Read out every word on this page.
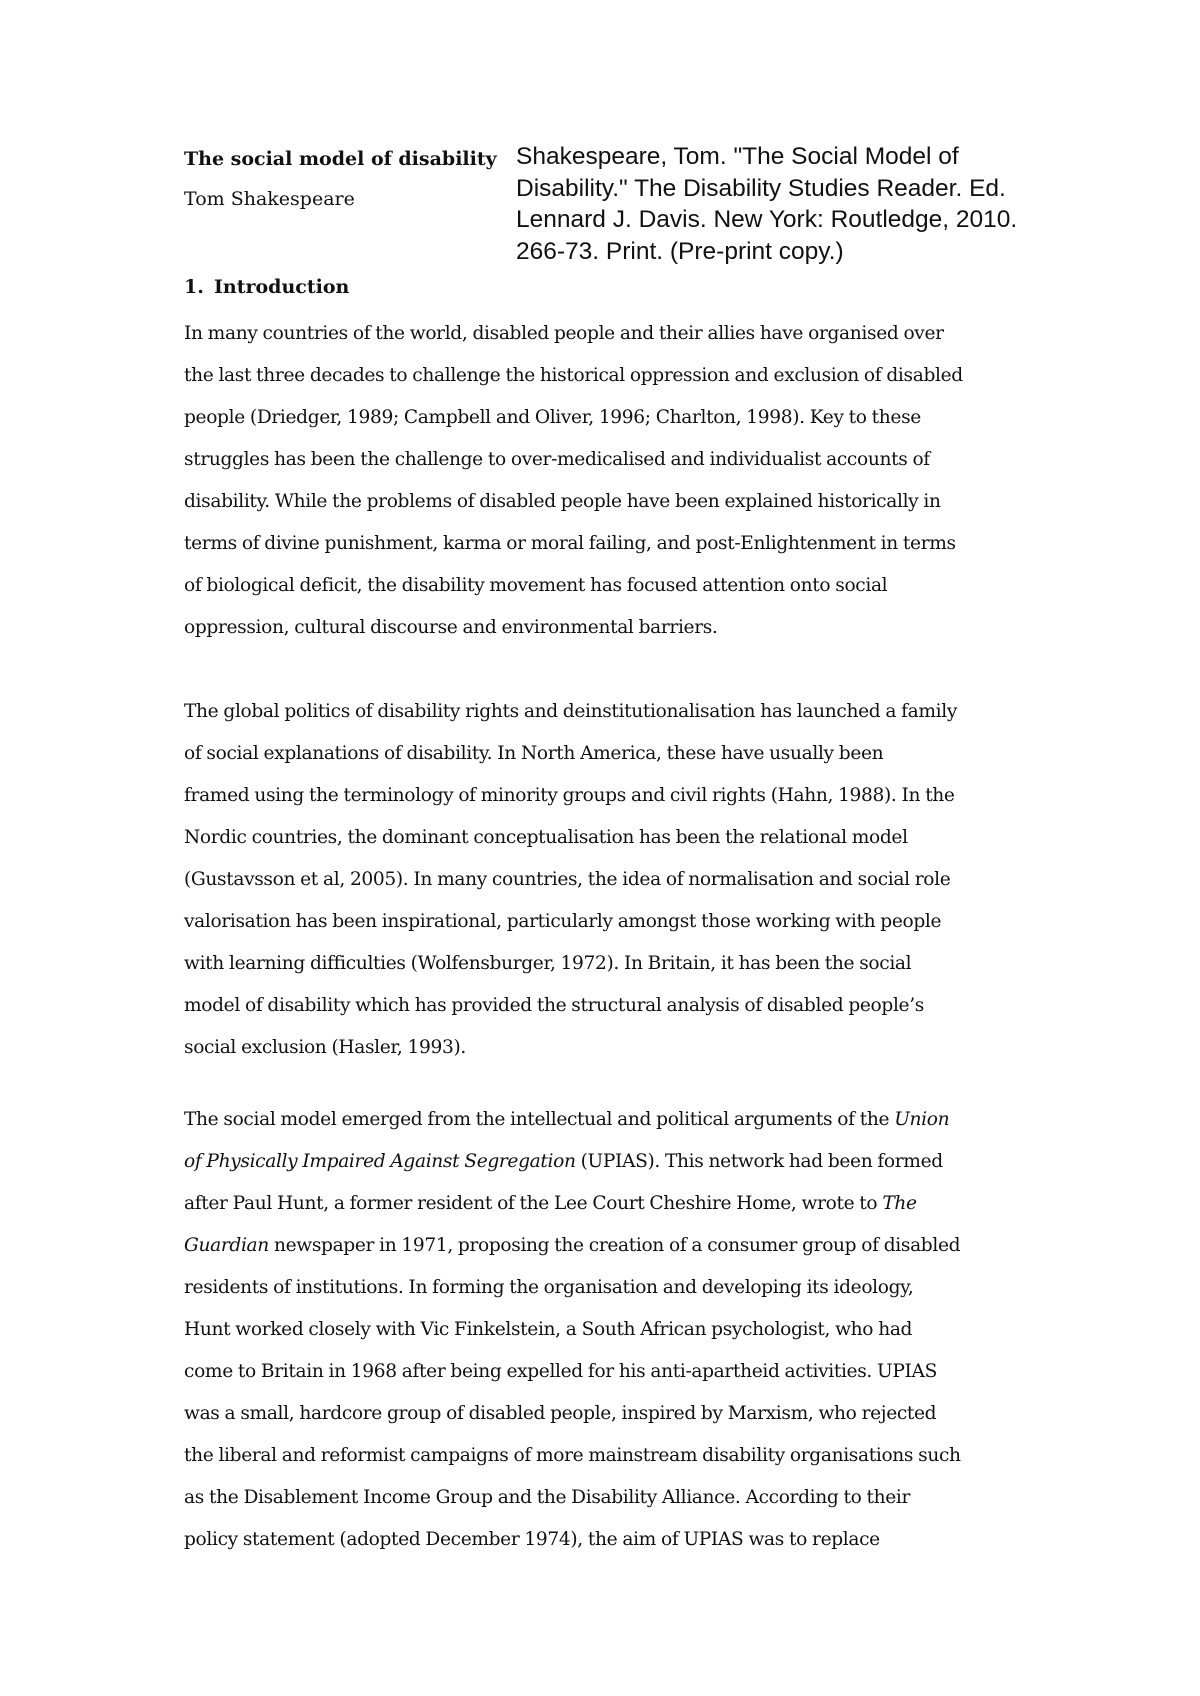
The social model of disability
Tom Shakespeare
Shakespeare, Tom. "The Social Model of Disability." The Disability Studies Reader. Ed. Lennard J. Davis. New York: Routledge, 2010. 266-73. Print. (Pre-print copy.)
1. Introduction

In many countries of the world, disabled people and their allies have organised over
the last three decades to challenge the historical oppression and exclusion of disabled
people (Driedger, 1989; Campbell and Oliver, 1996; Charlton, 1998). Key to these
struggles has been the challenge to over-medicalised and individualist accounts of
disability. While the problems of disabled people have been explained historically in
terms of divine punishment, karma or moral failing, and post-Enlightenment in terms
of biological deficit, the disability movement has focused attention onto social
oppression, cultural discourse and environmental barriers.

The global politics of disability rights and deinstitutionalisation has launched a family
of social explanations of disability. In North America, these have usually been
framed using the terminology of minority groups and civil rights (Hahn, 1988). In the
Nordic countries, the dominant conceptualisation has been the relational model
(Gustavsson et al, 2005). In many countries, the idea of normalisation and social role
valorisation has been inspirational, particularly amongst those working with people
with learning difficulties (Wolfensburger, 1972). In Britain, it has been the social
model of disability which has provided the structural analysis of disabled people’s
social exclusion (Hasler, 1993).

The social model emerged from the intellectual and political arguments of the Union
of Physically Impaired Against Segregation (UPIAS). This network had been formed
after Paul Hunt, a former resident of the Lee Court Cheshire Home, wrote to The
Guardian newspaper in 1971, proposing the creation of a consumer group of disabled
residents of institutions. In forming the organisation and developing its ideology,
Hunt worked closely with Vic Finkelstein, a South African psychologist, who had
come to Britain in 1968 after being expelled for his anti-apartheid activities. UPIAS
was a small, hardcore group of disabled people, inspired by Marxism, who rejected
the liberal and reformist campaigns of more mainstream disability organisations such
as the Disablement Income Group and the Disability Alliance. According to their
policy statement (adopted December 1974), the aim of UPIAS was to replace
